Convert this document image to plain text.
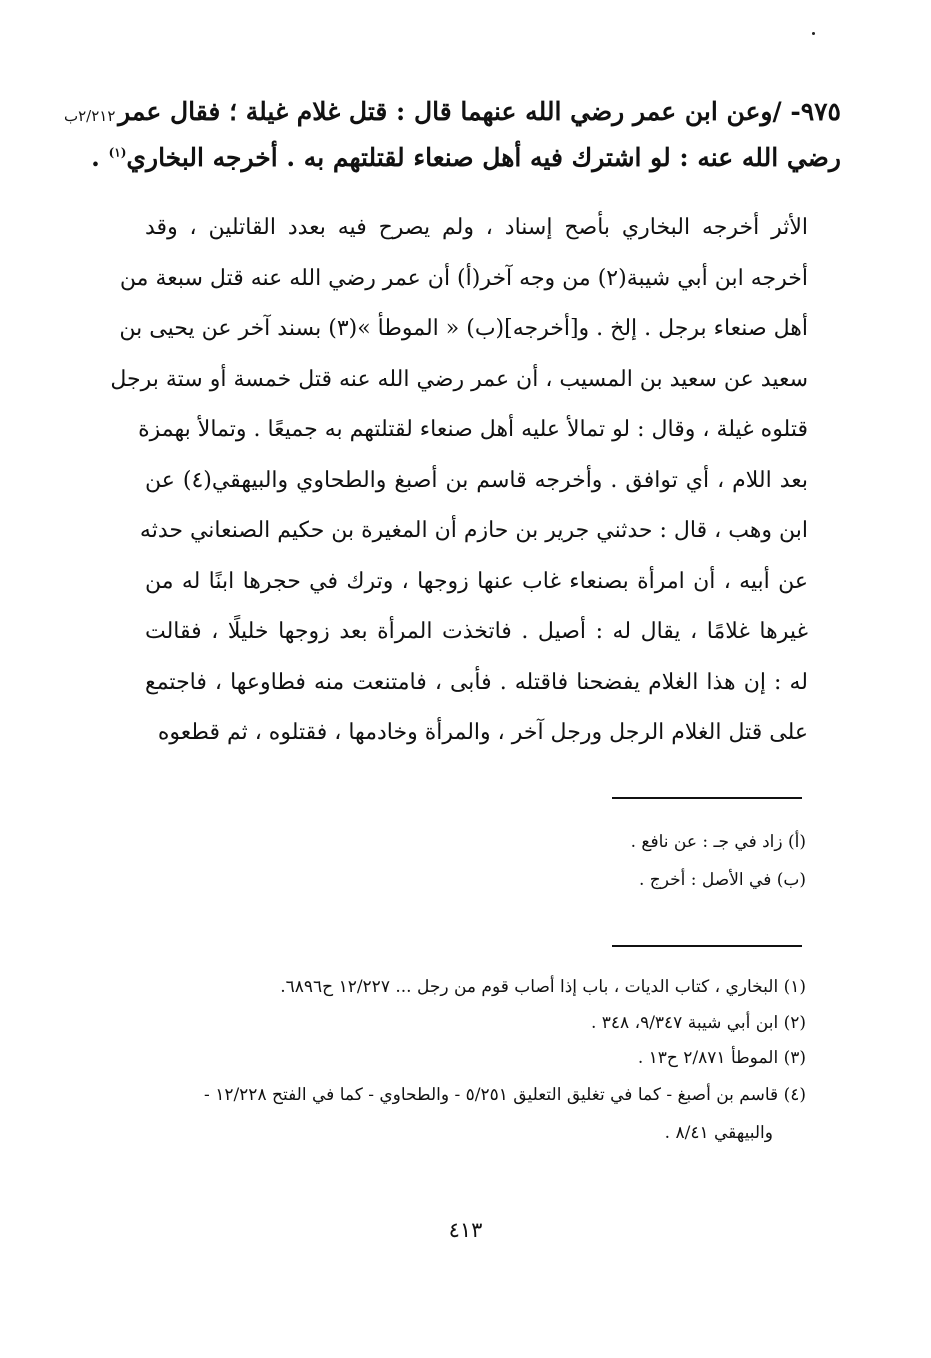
٢/٢١٢ب ٩٧٥- /وعن ابن عمر رضي الله عنهما قال : قتل غلام غيلة ؛ فقال عمر
رضي الله عنه : لو اشترك فيه أهل صنعاء لقتلتهم به . أخرجه البخاري$^{(١)}$ .
الأثر أخرجه البخاري بأصح إسناد ، ولم يصرح فيه بعدد القاتلين ، وقد
أخرجه ابن أبي شيبة(٢) من وجه آخر(أ) أن عمر رضي الله عنه قتل سبعة من
أهل صنعاء برجل . إلخ . و[أخرجه](ب) « الموطأ »(٣) بسند آخر عن يحيى بن
سعيد عن سعيد بن المسيب ، أن عمر رضي الله عنه قتل خمسة أو ستة برجل
قتلوه غيلة ، وقال : لو تمالأ عليه أهل صنعاء لقتلتهم به جميعًا . وتمالأ بهمزة
بعد اللام ، أي توافق . وأخرجه قاسم بن أصبغ والطحاوي والبيهقي(٤) عن
ابن وهب ، قال : حدثني جرير بن حازم أن المغيرة بن حكيم الصنعاني حدثه
عن أبيه ، أن امرأة بصنعاء غاب عنها زوجها ، وترك في حجرها ابنًا له من
غيرها غلامًا ، يقال له : أصيل . فاتخذت المرأة بعد زوجها خليلًا ، فقالت
له : إن هذا الغلام يفضحنا فاقتله . فأبى ، فامتنعت منه فطاوعها ، فاجتمع
على قتل الغلام الرجل ورجل آخر ، والمرأة وخادمها ، فقتلوه ، ثم قطعوه
(أ) زاد في جـ : عن نافع .
(ب) في الأصل : أخرج .
(١) البخاري ، كتاب الديات ، باب إذا أصاب قوم من رجل ... ١٢/٢٢٧ ح٦٨٩٦.
(٢) ابن أبي شيبة ٩/٣٤٧، ٣٤٨ .
(٣) الموطأ ٢/٨٧١ ح١٣ .
(٤) قاسم بن أصبغ - كما في تغليق التعليق ٥/٢٥١ - والطحاوي - كما في الفتح ١٢/٢٢٨ -
والبيهقي ٨/٤١ .
٤١٣
